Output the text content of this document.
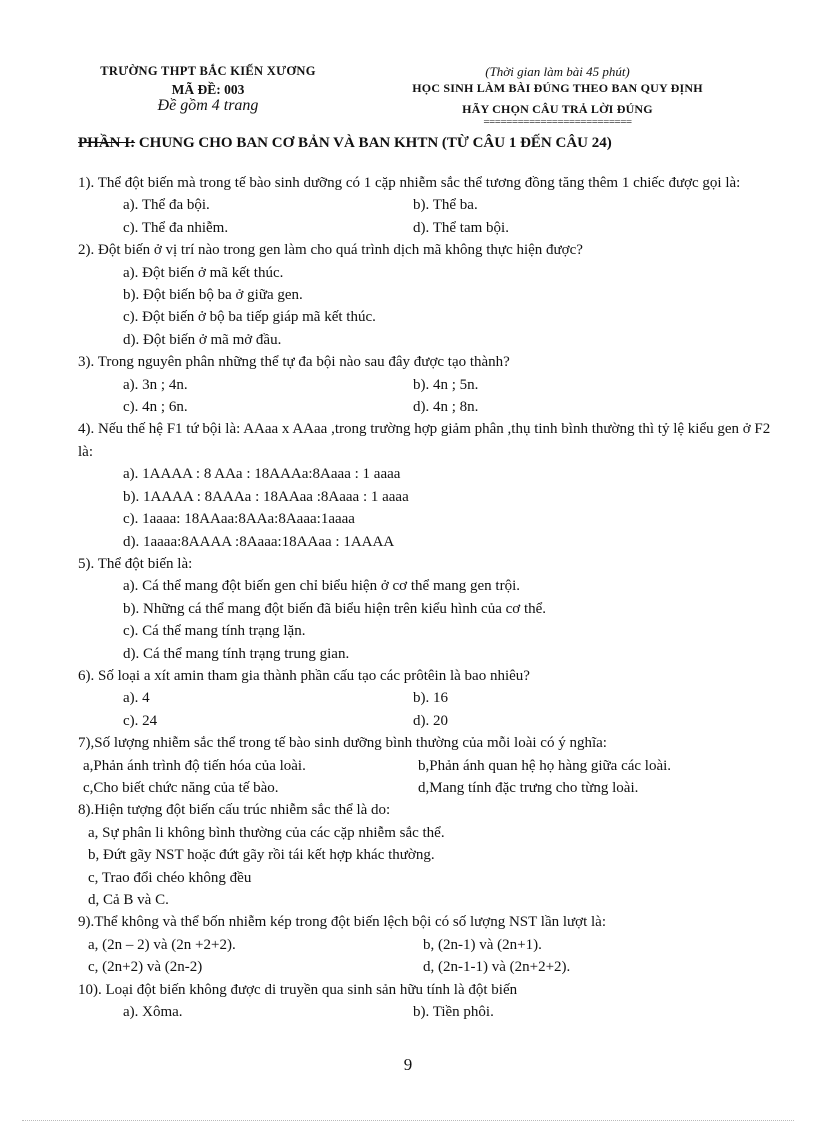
TRƯỜNG THPT BẮC KIẾN XƯƠNG
MÃ ĐỀ: 003
Đề gồm 4 trang
(Thời gian làm bài 45 phút)
HỌC SINH LÀM BÀI ĐÚNG THEO BAN QUY ĐỊNH
HÃY CHỌN CÂU TRẢ LỜI ĐÚNG
==========================
PHẦN I: CHUNG CHO BAN CƠ BẢN VÀ BAN KHTN (TỪ CÂU 1 ĐẾN CÂU 24)

1). Thể đột biến mà trong tế bào sinh dưỡng có 1 cặp nhiễm sắc thể tương đồng tăng thêm 1 chiếc được gọi là:

a). Thể đa bội.	b). Thể ba.
c). Thể đa nhiễm.	d). Thể tam bội.

2). Đột biến ở vị trí nào trong gen làm cho quá trình dịch mã không thực hiện được?

a). Đột biến ở mã kết thúc.
b). Đột biến bộ ba ở giữa gen.
c). Đột biến ở bộ ba tiếp giáp mã kết thúc.
d). Đột biến ở mã mở đầu.

3). Trong nguyên phân những thể tự đa bội nào sau đây được tạo thành?

a). 3n ; 4n.	b). 4n ; 5n.
c). 4n ; 6n.	d). 4n ; 8n.

4). Nếu thế hệ F1 tứ bội là: AAaa x AAaa ,trong trường hợp giảm phân ,thụ tinh bình thường thì tỷ lệ kiểu gen ở F2 là:

a). 1AAAA : 8 AAa : 18AAAa:8Aaaa : 1 aaaa
b). 1AAAA : 8AAAa : 18AAaa :8Aaaa : 1 aaaa
c). 1aaaa: 18AAaa:8AAa:8Aaaa:1aaaa
d). 1aaaa:8AAAA :8Aaaa:18AAaa : 1AAAA

5). Thể đột biến là:

a). Cá thể mang đột biến gen chỉ biểu hiện ở cơ thể mang gen trội.
b). Những cá thể mang đột biến đã biểu hiện trên kiểu hình của cơ thể.
c). Cá thể mang tính trạng lặn.
d). Cá thể mang tính trạng trung gian.

6). Số loại a xít amin tham gia thành phần cấu tạo các prôtêin là bao nhiêu?

a). 4	b). 16
c). 24	d). 20

7),Số lượng nhiễm sắc thể trong tế bào sinh dưỡng bình thường của mỗi loài có ý nghĩa:

a,Phản ánh trình độ tiến hóa của loài.	b,Phản ánh quan hệ họ hàng giữa các loài.
c,Cho biết chức năng của tế bào.	d,Mang tính đặc trưng cho từng loài.

8).Hiện tượng đột biến cấu trúc nhiễm sắc thể là do:

a, Sự phân li không bình thường của các cặp nhiễm sắc thể.
b, Đứt gãy NST hoặc đứt gãy rồi tái kết hợp khác thường.
c, Trao đổi chéo không đều
d, Cả B và C.

9).Thể không và thể bốn nhiễm kép trong đột biến lệch bội có số lượng NST lần lượt là:

a, (2n – 2) và (2n +2+2).	b, (2n-1) và (2n+1).
c, (2n+2) và (2n-2)	d, (2n-1-1) và (2n+2+2).

10). Loại đột biến không được di truyền qua sinh sản hữu tính là đột biến

a). Xôma.	b). Tiền phôi.
9
